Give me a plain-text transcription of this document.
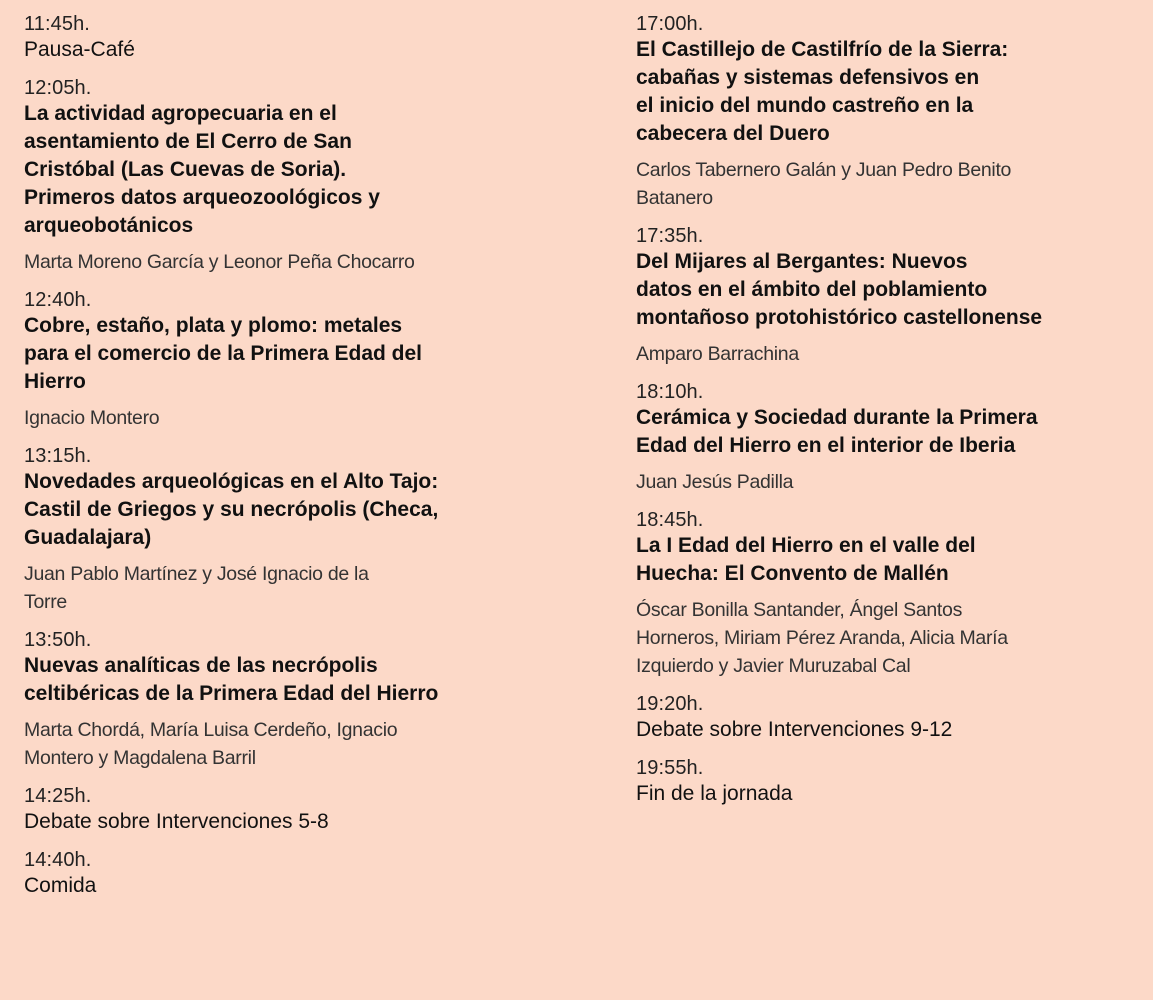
11:45h.
Pausa-Café
12:05h.
La actividad agropecuaria en el
asentamiento de El Cerro de San
Cristóbal (Las Cuevas de Soria).
Primeros datos arqueozoológicos y
arqueobotánicos
Marta Moreno García y Leonor Peña Chocarro
12:40h.
Cobre, estaño, plata y plomo: metales
para el comercio de la Primera Edad del
Hierro
Ignacio Montero
13:15h.
Novedades arqueológicas en el Alto Tajo:
Castil de Griegos y su necrópolis (Checa,
Guadalajara)
Juan Pablo Martínez y José Ignacio de la
Torre
13:50h.
Nuevas analíticas de las necrópolis
celtibéricas de la Primera Edad del Hierro
Marta Chordá, María Luisa Cerdeño, Ignacio
Montero y Magdalena Barril
14:25h.
Debate sobre Intervenciones 5-8
14:40h.
Comida
17:00h.
El Castillejo de Castilfrío de la Sierra:
cabañas y sistemas defensivos en
el inicio del mundo castreño en la
cabecera del Duero
Carlos Tabernero Galán y Juan Pedro Benito
Batanero
17:35h.
Del Mijares al Bergantes: Nuevos
datos en el ámbito del poblamiento
montañoso protohistórico castellonense
Amparo Barrachina
18:10h.
Cerámica y Sociedad durante la Primera
Edad del Hierro en el interior de Iberia
Juan Jesús Padilla
18:45h.
La I Edad del Hierro en el valle del
Huecha: El Convento de Mallén
Óscar Bonilla Santander, Ángel Santos
Horneros, Miriam Pérez Aranda, Alicia María
Izquierdo y Javier Muruzabal Cal
19:20h.
Debate sobre Intervenciones 9-12
19:55h.
Fin de la jornada
